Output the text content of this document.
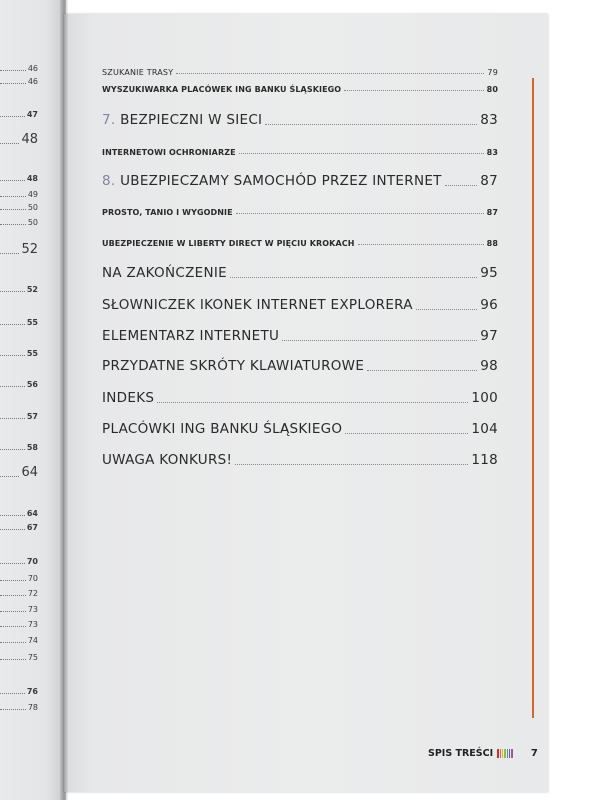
46
46
47
48
48
49
50
50
52
52
55
55
56
57
58
64
64
67
70
70
72
73
73
74
75
76
78
SZUKANIE TRASY	79
WYSZUKIWARKA PLACÓWEK ING BANKU ŚLĄSKIEGO	80
7. BEZPIECZNI W SIECI	83
INTERNETOWI OCHRONIARZE	83
8. UBEZPIECZAMY SAMOCHÓD PRZEZ INTERNET	87
PROSTO, TANIO I WYGODNIE	87
UBEZPIECZENIE W LIBERTY DIRECT W PIĘCIU KROKACH	88
NA ZAKOŃCZENIE	95
SŁOWNICZEK IKONEK INTERNET EXPLORERA	96
ELEMENTARZ INTERNETU	97
PRZYDATNE SKRÓTY KLAWIATUROWE	98
INDEKS	100
PLACÓWKI ING BANKU ŚLĄSKIEGO	104
UWAGA KONKURS!	118
SPIS TREŚCI	7
